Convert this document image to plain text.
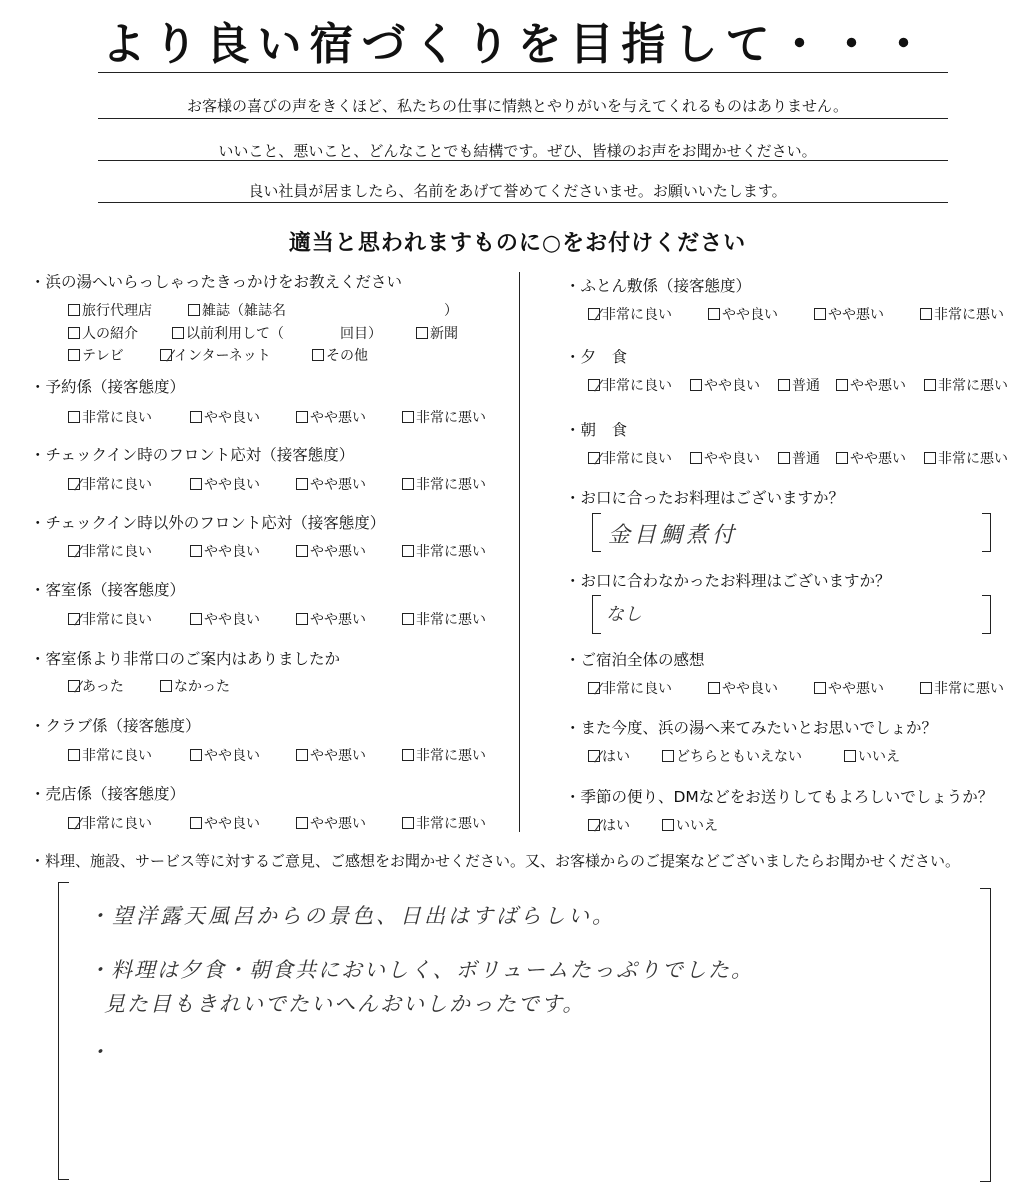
より良い宿づくりを目指して・・・
お客様の喜びの声をきくほど、私たちの仕事に情熱とやりがいを与えてくれるものはありません。
いいこと、悪いこと、どんなことでも結構です。ぜひ、皆様のお声をお聞かせください。
良い社員が居ましたら、名前をあげて誉めてくださいませ。お願いいたします。
適当と思われますものに○をお付けください
・浜の湯へいらっしゃったきっかけをお教えください
旅行代理店	雑誌（雑誌名	）
人の紹介	以前利用して（	回目）	新聞
テレビ	インターネット	その他
・予約係（接客態度）
非常に良い	やや良い	やや悪い	非常に悪い
・チェックイン時のフロント応対（接客態度）
非常に良い	やや良い	やや悪い	非常に悪い
・チェックイン時以外のフロント応対（接客態度）
非常に良い	やや良い	やや悪い	非常に悪い
・客室係（接客態度）
非常に良い	やや良い	やや悪い	非常に悪い
・客室係より非常口のご案内はありましたか
あった	なかった
・クラブ係（接客態度）
非常に良い	やや良い	やや悪い	非常に悪い
・売店係（接客態度）
非常に良い	やや良い	やや悪い	非常に悪い
・ふとん敷係（接客態度）
非常に良い	やや良い	やや悪い	非常に悪い
・夕　食
非常に良い やや良い 普通 やや悪い 非常に悪い
・朝　食
非常に良い やや良い 普通 やや悪い 非常に悪い
・お口に合ったお料理はございますか？
金目鯛煮付
・お口に合わなかったお料理はございますか？
なし
・ご宿泊全体の感想
非常に良い	やや良い	やや悪い	非常に悪い
・また今度、浜の湯へ来てみたいとお思いでしょか？
はい	どちらともいえない	いいえ
・季節の便り、DMなどをお送りしてもよろしいでしょうか？
はい	いいえ
・料理、施設、サービス等に対するご意見、ご感想をお聞かせください。又、お客様からのご提案などございましたらお聞かせください。
・望洋露天風呂からの景色、日出はすばらしい。
・料理は夕食・朝食共においしく、ボリュームたっぷりでした。
見た目もきれいでたいへんおいしかったです。
・
